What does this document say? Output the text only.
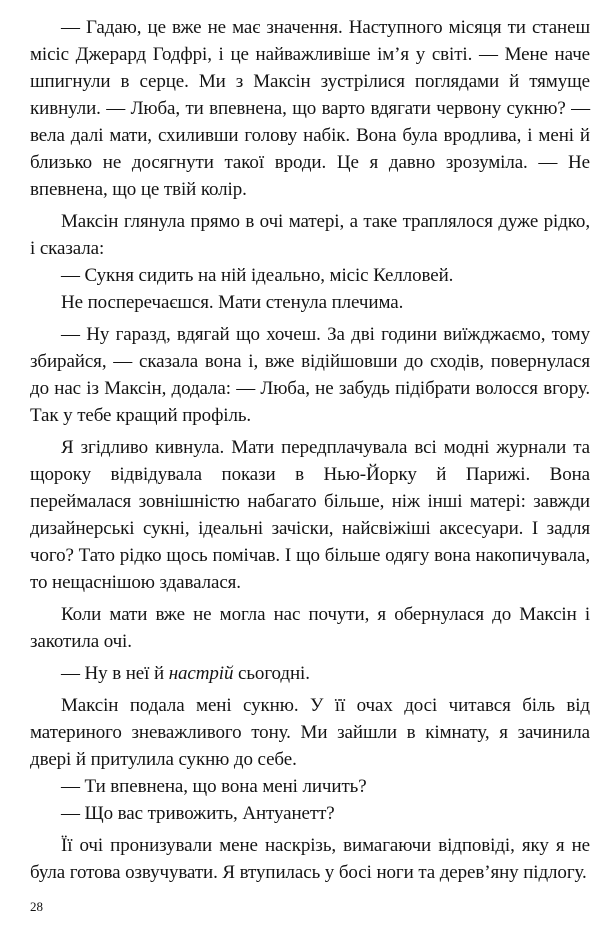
— Гадаю, це вже не має значення. Наступного місяця ти станеш місіс Джерард Годфрі, і це найважливіше ім’я у світі. — Мене наче шпигнули в серце. Ми з Максін зустрілися поглядами й тямуще кивнули. — Люба, ти впевнена, що варто вдягати червону сукню? — вела далі мати, схиливши голову набік. Вона була вродлива, і мені й близько не досягнути такої вроди. Це я давно зрозуміла. — Не впевнена, що це твій колір.

Максін глянула прямо в очі матері, а таке траплялося дуже рідко, і сказала:

— Сукня сидить на ній ідеально, місіс Келловей.

Не посперечаєшся. Мати стенула плечима.

— Ну гаразд, вдягай що хочеш. За дві години виїжджаємо, тому збирайся, — сказала вона і, вже відійшовши до сходів, повернулася до нас із Максін, додала: — Люба, не забудь підібрати волосся вгору. Так у тебе кращий профіль.

Я згідливо кивнула. Мати передплачувала всі модні журнали та щороку відвідувала покази в Нью-Йорку й Парижі. Вона переймалася зовнішністю набагато більше, ніж інші матері: завжди дизайнерські сукні, ідеальні зачіски, найсвіжіші аксесуари. І задля чого? Тато рідко щось помічав. І що більше одягу вона накопичувала, то нещаснішою здавалася.

Коли мати вже не могла нас почути, я обернулася до Максін і закотила очі.

— Ну в неї й настрій сьогодні.

Максін подала мені сукню. У її очах досі читався біль від материного зневажливого тону. Ми зайшли в кімнату, я зачинила двері й притулила сукню до себе.

— Ти впевнена, що вона мені личить?

— Що вас тривожить, Антуанетт?

Її очі пронизували мене наскрізь, вимагаючи відповіді, яку я не була готова озвучувати. Я втупилась у босі ноги та дерев’яну підлогу.

28
